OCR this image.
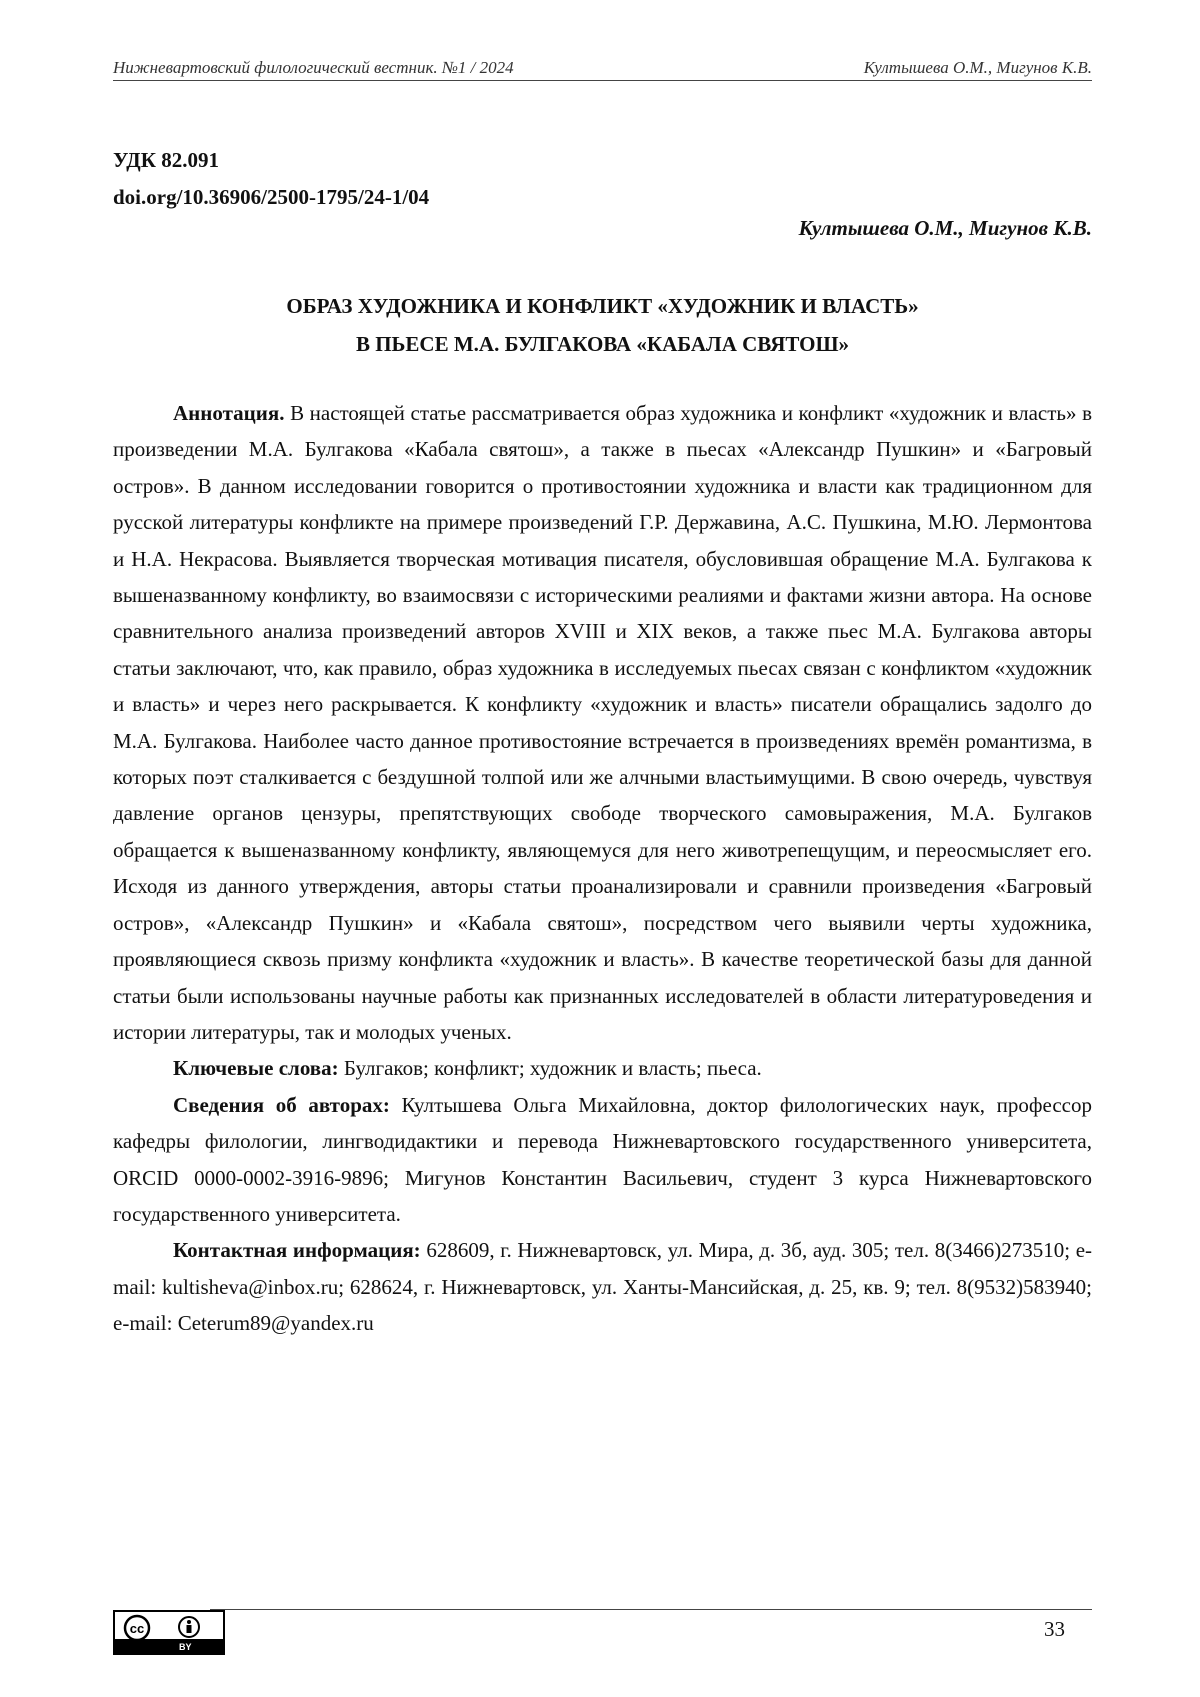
Нижневартовский филологический вестник. №1 / 2024	Култышева О.М., Мигунов К.В.
УДК 82.091
doi.org/10.36906/2500-1795/24-1/04
Култышева О.М., Мигунов К.В.
ОБРАЗ ХУДОЖНИКА И КОНФЛИКТ «ХУДОЖНИК И ВЛАСТЬ»
В ПЬЕСЕ М.А. БУЛГАКОВА «КАБАЛА СВЯТОШ»

Аннотация. В настоящей статье рассматривается образ художника и конфликт «художник и власть» в произведении М.А. Булгакова «Кабала святош», а также в пьесах «Александр Пушкин» и «Багровый остров». В данном исследовании говорится о противостоянии художника и власти как традиционном для русской литературы конфликте на примере произведений Г.Р. Державина, А.С. Пушкина, М.Ю. Лермонтова и Н.А. Некрасова. Выявляется творческая мотивация писателя, обусловившая обращение М.А. Булгакова к вышеназванному конфликту, во взаимосвязи с историческими реалиями и фактами жизни автора. На основе сравнительного анализа произведений авторов XVIII и XIX веков, а также пьес М.А. Булгакова авторы статьи заключают, что, как правило, образ художника в исследуемых пьесах связан с конфликтом «художник и власть» и через него раскрывается. К конфликту «художник и власть» писатели обращались задолго до М.А. Булгакова. Наиболее часто данное противостояние встречается в произведениях времён романтизма, в которых поэт сталкивается с бездушной толпой или же алчными властьимущими. В свою очередь, чувствуя давление органов цензуры, препятствующих свободе творческого самовыражения, М.А. Булгаков обращается к вышеназванному конфликту, являющемуся для него животрепещущим, и переосмысляет его. Исходя из данного утверждения, авторы статьи проанализировали и сравнили произведения «Багровый остров», «Александр Пушкин» и «Кабала святош», посредством чего выявили черты художника, проявляющиеся сквозь призму конфликта «художник и власть». В качестве теоретической базы для данной статьи были использованы научные работы как признанных исследователей в области литературоведения и истории литературы, так и молодых ученых.

Ключевые слова: Булгаков; конфликт; художник и власть; пьеса.

Сведения об авторах: Култышева Ольга Михайловна, доктор филологических наук, профессор кафедры филологии, лингводидактики и перевода Нижневартовского государственного университета, ORCID 0000-0002-3916-9896; Мигунов Константин Васильевич, студент 3 курса Нижневартовского государственного университета.

Контактная информация: 628609, г. Нижневартовск, ул. Мира, д. 3б, ауд. 305; тел. 8(3466)273510; e-mail: kultisheva@inbox.ru; 628624, г. Нижневартовск, ул. Ханты-Мансийская, д. 25, кв. 9; тел. 8(9532)583940; e-mail: Ceterum89@yandex.ru

cc
BY
33
